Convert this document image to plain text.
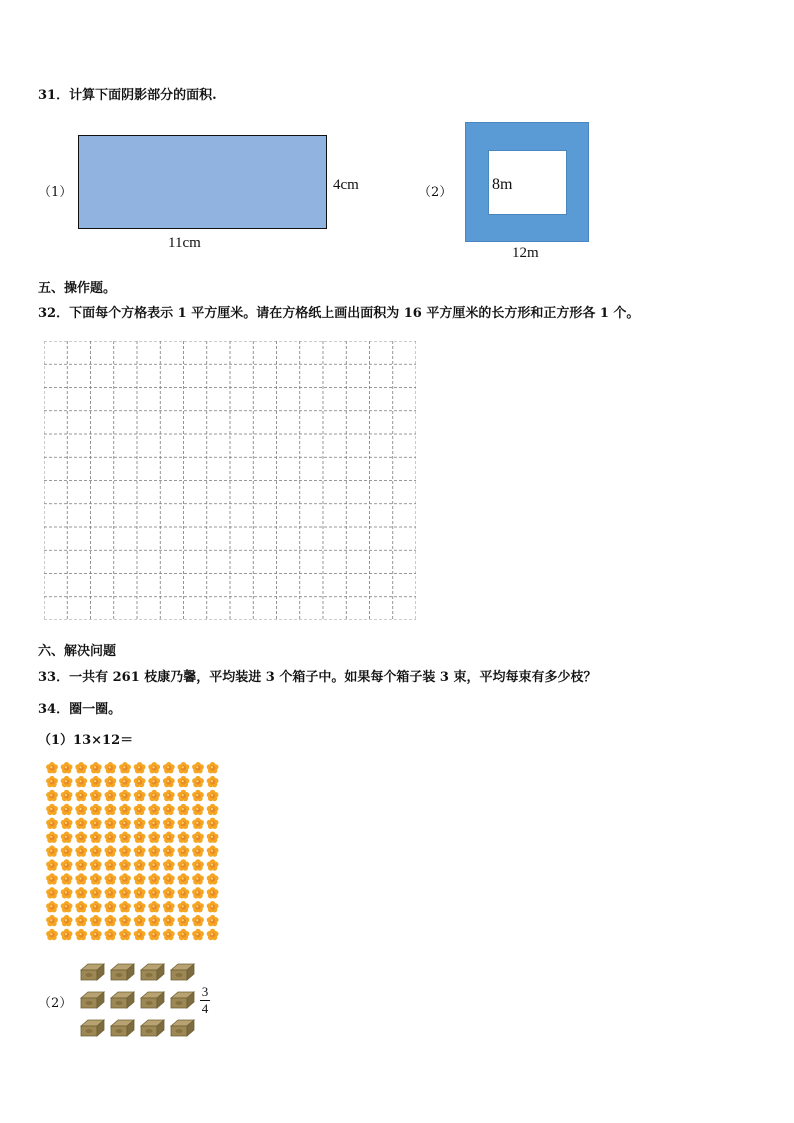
31．计算下面阴影部分的面积.
（1）	4cm
11cm
（2） 8m
12m
五、操作题。
32．下面每个方格表示 1 平方厘米。请在方格纸上画出面积为 16 平方厘米的长方形和正方形各 1 个。
六、解决问题
33．一共有 261 枝康乃馨，平均装进 3 个箱子中。如果每个箱子装 3 束，平均每束有多少枝？
34．圈一圈。
（1）13×12＝
（2）
3
4
